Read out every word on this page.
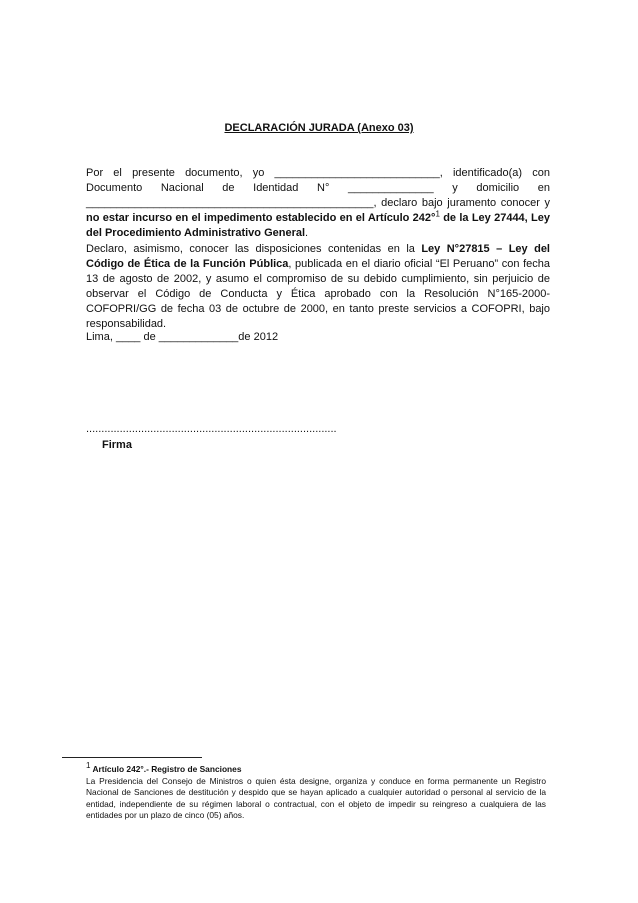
DECLARACIÓN JURADA (Anexo 03)
Por el presente documento, yo ___________________________, identificado(a) con Documento Nacional de Identidad N° ______________ y domicilio en _______________________________________________, declaro bajo juramento conocer y no estar incurso en el impedimento establecido en el Artículo 242°$^1$ de la Ley 27444, Ley del Procedimiento Administrativo General.
Declaro, asimismo, conocer las disposiciones contenidas en la Ley N°27815 – Ley del Código de Ética de la Función Pública, publicada en el diario oficial “El Peruano” con fecha 13 de agosto de 2002, y asumo el compromiso de su debido cumplimiento, sin perjuicio de observar el Código de Conducta y Ética aprobado con la Resolución N°165-2000-COFOPRI/GG de fecha 03 de octubre de 2000, en tanto preste servicios a COFOPRI, bajo responsabilidad.
Lima, ____ de _____________de 2012
..................................................................................
Firma
$^1$ Artículo 242°.- Registro de Sanciones
La Presidencia del Consejo de Ministros o quien ésta designe, organiza y conduce en forma permanente un Registro Nacional de Sanciones de destitución y despido que se hayan aplicado a cualquier autoridad o personal al servicio de la entidad, independiente de su régimen laboral o contractual, con el objeto de impedir su reingreso a cualquiera de las entidades por un plazo de cinco (05) años.
